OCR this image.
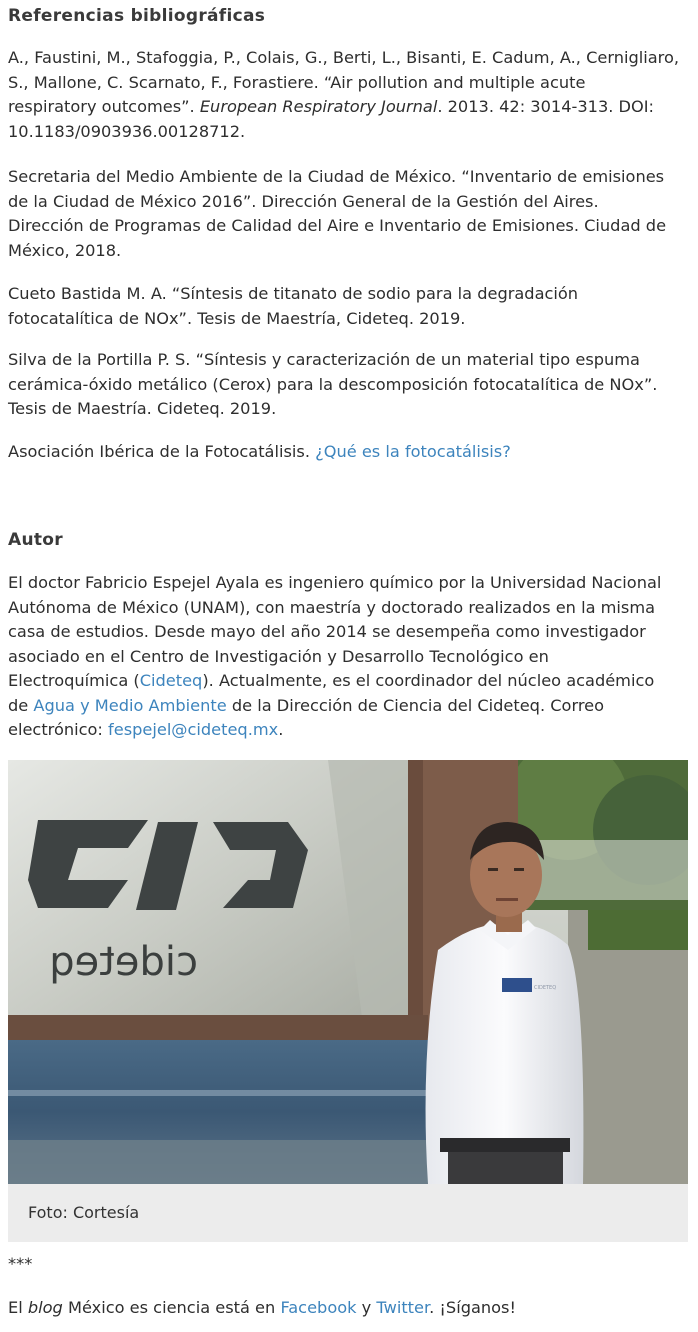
Referencias bibliográficas

A., Faustini, M., Stafoggia, P., Colais, G., Berti, L., Bisanti, E. Cadum, A., Cernigliaro,

S., Mallone, C. Scarnato, F., Forastiere. “Air pollution and multiple acute

respiratory outcomes”. European Respiratory Journal. 2013. 42: 3014-313. DOI:

10.1183/0903936.00128712.

Secretaria del Medio Ambiente de la Ciudad de México. “Inventario de emisiones

de la Ciudad de México 2016”. Dirección General de la Gestión del Aires.

Dirección de Programas de Calidad del Aire e Inventario de Emisiones. Ciudad de

México, 2018.

Cueto Bastida M. A. “Síntesis de titanato de sodio para la degradación

fotocatalítica de NOx”. Tesis de Maestría, Cideteq. 2019.

Silva de la Portilla P. S. “Síntesis y caracterización de un material tipo espuma

cerámica-óxido metálico (Cerox) para la descomposición fotocatalítica de NOx”.

Tesis de Maestría. Cideteq. 2019.

Asociación Ibérica de la Fotocatálisis. ¿Qué es la fotocatálisis?

Autor

El doctor Fabricio Espejel Ayala es ingeniero químico por la Universidad Nacional

Autónoma de México (UNAM), con maestría y doctorado realizados en la misma

casa de estudios. Desde mayo del año 2014 se desempeña como investigador

asociado en el Centro de Investigación y Desarrollo Tecnológico en

Electroquímica (Cideteq). Actualmente, es el coordinador del núcleo académico

de Agua y Medio Ambiente de la Dirección de Ciencia del Cideteq. Correo

electrónico: fespejel@cideteq.mx.

cideteq
CIDETEQ
Foto: Cortesía

***

El blog México es ciencia está en Facebook y Twitter. ¡Síganos!
